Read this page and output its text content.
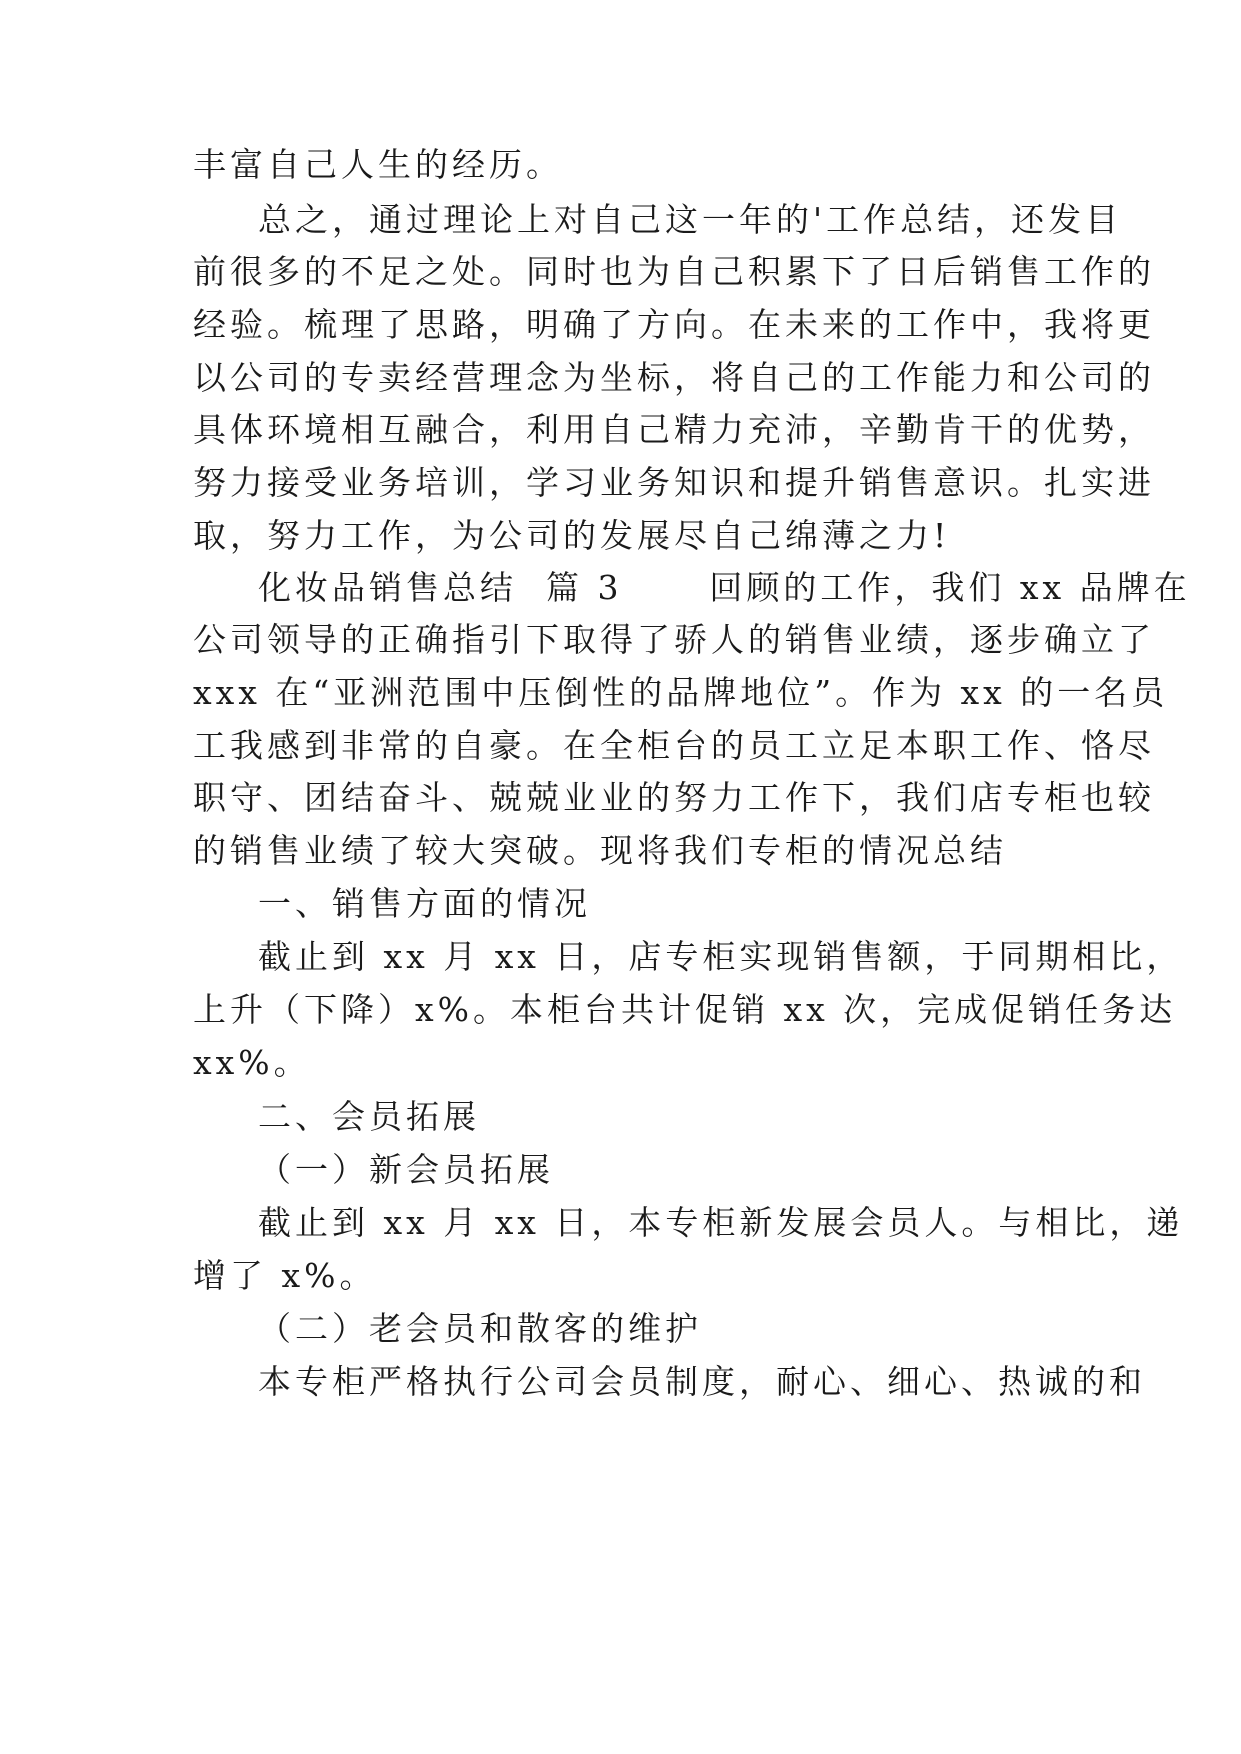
丰富自己人生的经历。
总之，通过理论上对自己这一年的'工作总结，还发目
前很多的不足之处。同时也为自己积累下了日后销售工作的
经验。梳理了思路，明确了方向。在未来的工作中，我将更
以公司的专卖经营理念为坐标，将自己的工作能力和公司的
具体环境相互融合，利用自己精力充沛，辛勤肯干的优势，
努力接受业务培训，学习业务知识和提升销售意识。扎实进
取，努力工作，为公司的发展尽自己绵薄之力!
化妆品销售总结  篇 3      回顾的工作，我们 xx 品牌在
公司领导的正确指引下取得了骄人的销售业绩，逐步确立了
xxx 在“亚洲范围中压倒性的品牌地位”。作为 xx 的一名员
工我感到非常的自豪。在全柜台的员工立足本职工作、恪尽
职守、团结奋斗、兢兢业业的努力工作下，我们店专柜也较
的销售业绩了较大突破。现将我们专柜的情况总结
一、销售方面的情况
截止到 xx 月 xx 日，店专柜实现销售额，于同期相比，
上升（下降）x%。本柜台共计促销 xx 次，完成促销任务达
xx%。
二、会员拓展
（一）新会员拓展
截止到 xx 月 xx 日，本专柜新发展会员人。与相比，递
增了 x%。
（二）老会员和散客的维护
本专柜严格执行公司会员制度，耐心、细心、热诚的和
